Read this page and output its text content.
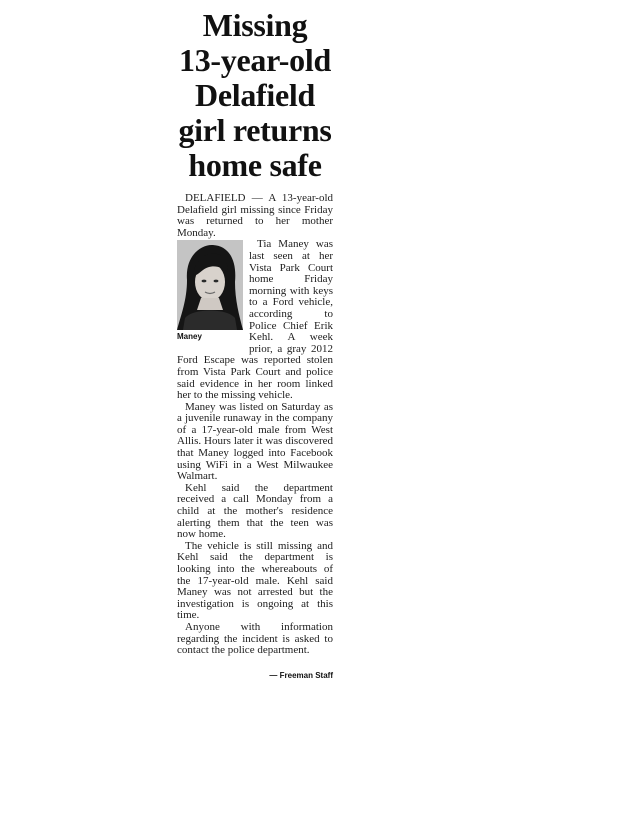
Missing
13-year-old
Delafield
girl returns
home safe

DELAFIELD — A 13-year-old Delafield girl missing since Friday was returned to her mother Monday.

Maney

Tia Maney was last seen at her Vista Park Court home Friday morning with keys to a Ford vehicle, according to Police Chief Erik Kehl. A week prior, a gray 2012 Ford Escape was reported stolen from Vista Park Court and police said evidence in her room linked her to the missing vehicle.

Maney was listed on Saturday as a juvenile runaway in the company of a 17-year-old male from West Allis. Hours later it was discovered that Maney logged into Facebook using WiFi in a West Milwaukee Walmart.

Kehl said the department received a call Monday from a child at the mother's residence alerting them that the teen was now home.

The vehicle is still missing and Kehl said the department is looking into the whereabouts of the 17-year-old male. Kehl said Maney was not arrested but the investigation is ongoing at this time.

Anyone with information regarding the incident is asked to contact the police department.

— Freeman Staff
